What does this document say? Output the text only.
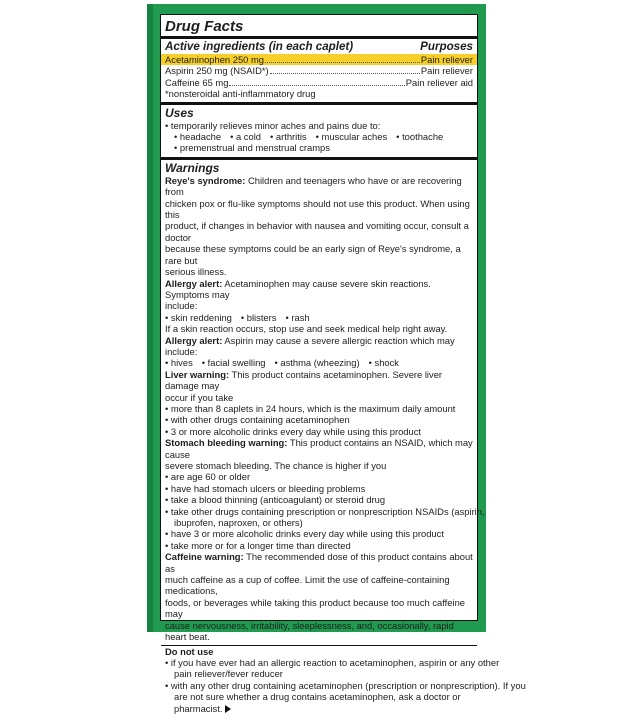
Drug Facts
Active ingredients (in each caplet)	Purposes
Acetaminophen 250 mg	Pain reliever
Aspirin 250 mg (NSAID*)	Pain reliever
Caffeine 65 mg	Pain reliever aid

*nonsteroidal anti-inflammatory drug

Uses

• temporarily relieves minor aches and pains due to:

• headache • a cold • arthritis • muscular aches • toothache

• premenstrual and menstrual cramps

Warnings

Reye's syndrome: Children and teenagers who have or are recovering from

chicken pox or flu-like symptoms should not use this product. When using this

product, if changes in behavior with nausea and vomiting occur, consult a doctor

because these symptoms could be an early sign of Reye's syndrome, a rare but

serious illness.

Allergy alert: Acetaminophen may cause severe skin reactions. Symptoms may

include:

• skin reddening • blisters • rash

If a skin reaction occurs, stop use and seek medical help right away.

Allergy alert: Aspirin may cause a severe allergic reaction which may include:

• hives • facial swelling • asthma (wheezing) • shock

Liver warning: This product contains acetaminophen. Severe liver damage may

occur if you take

• more than 8 caplets in 24 hours, which is the maximum daily amount

• with other drugs containing acetaminophen

• 3 or more alcoholic drinks every day while using this product

Stomach bleeding warning: This product contains an NSAID, which may cause

severe stomach bleeding. The chance is higher if you

• are age 60 or older

• have had stomach ulcers or bleeding problems

• take a blood thinning (anticoagulant) or steroid drug

• take other drugs containing prescription or nonprescription NSAIDs (aspirin,

ibuprofen, naproxen, or others)

• have 3 or more alcoholic drinks every day while using this product

• take more or for a longer time than directed

Caffeine warning: The recommended dose of this product contains about as

much caffeine as a cup of coffee. Limit the use of caffeine-containing medications,

foods, or beverages while taking this product because too much caffeine may

cause nervousness, irritability, sleeplessness, and, occasionally, rapid heart beat.

Do not use

• if you have ever had an allergic reaction to acetaminophen, aspirin or any other

pain reliever/fever reducer

• with any other drug containing acetaminophen (prescription or nonprescription). If you

are not sure whether a drug contains acetaminophen, ask a doctor or pharmacist.
